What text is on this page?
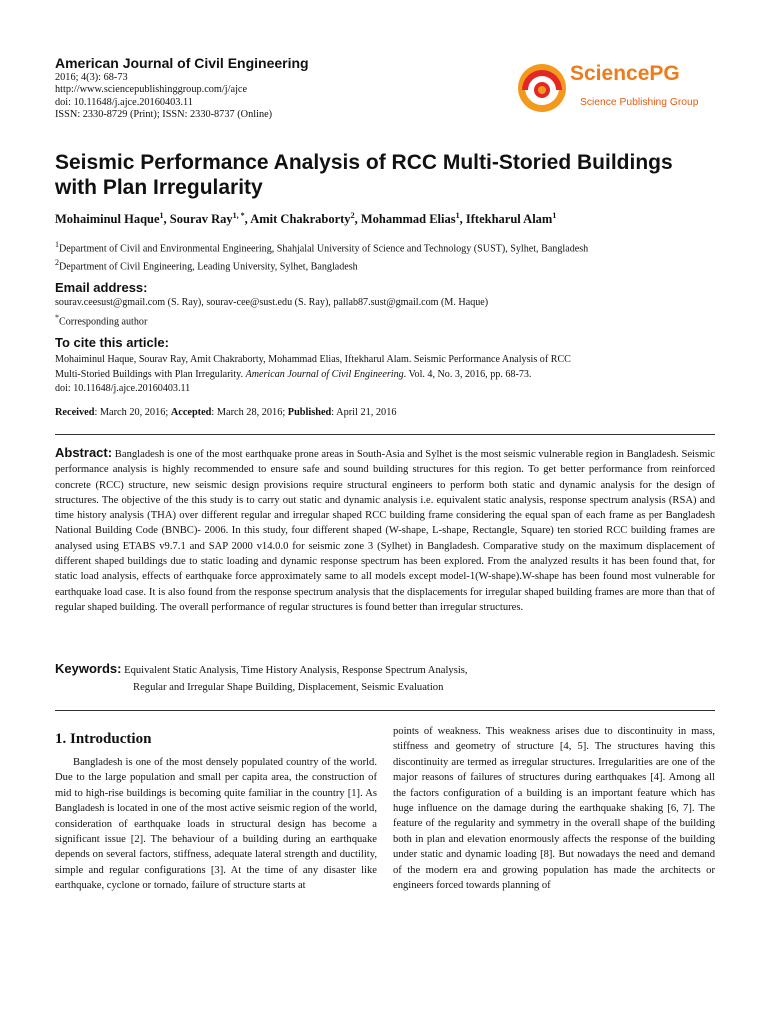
American Journal of Civil Engineering
2016; 4(3): 68-73
http://www.sciencepublishinggroup.com/j/ajce
doi: 10.11648/j.ajce.20160403.11
ISSN: 2330-8729 (Print); ISSN: 2330-8737 (Online)
SciencePG
Science Publishing Group
Seismic Performance Analysis of RCC Multi-Storied Buildings with Plan Irregularity
Mohaiminul Haque$^1$, Sourav Ray$^{1, *}$, Amit Chakraborty$^2$, Mohammad Elias$^1$, Iftekharul Alam$^1$
$^1$Department of Civil and Environmental Engineering, Shahjalal University of Science and Technology (SUST), Sylhet, Bangladesh
$^2$Department of Civil Engineering, Leading University, Sylhet, Bangladesh
Email address:
sourav.ceesust@gmail.com (S. Ray), sourav-cee@sust.edu (S. Ray), pallab87.sust@gmail.com (M. Haque)
*Corresponding author
To cite this article:
Mohaiminul Haque, Sourav Ray, Amit Chakraborty, Mohammad Elias, Iftekharul Alam. Seismic Performance Analysis of RCC
Multi-Storied Buildings with Plan Irregularity. American Journal of Civil Engineering. Vol. 4, No. 3, 2016, pp. 68-73.
doi: 10.11648/j.ajce.20160403.11
Received: March 20, 2016; Accepted: March 28, 2016; Published: April 21, 2016
Abstract: Bangladesh is one of the most earthquake prone areas in South-Asia and Sylhet is the most seismic vulnerable region in Bangladesh. Seismic performance analysis is highly recommended to ensure safe and sound building structures for this region. To get better performance from reinforced concrete (RCC) structure, new seismic design provisions require structural engineers to perform both static and dynamic analysis for the design of structures. The objective of the this study is to carry out static and dynamic analysis i.e. equivalent static analysis, response spectrum analysis (RSA) and time history analysis (THA) over different regular and irregular shaped RCC building frame considering the equal span of each frame as per Bangladesh National Building Code (BNBC)- 2006. In this study, four different shaped (W-shape, L-shape, Rectangle, Square) ten storied RCC building frames are analysed using ETABS v9.7.1 and SAP 2000 v14.0.0 for seismic zone 3 (Sylhet) in Bangladesh. Comparative study on the maximum displacement of different shaped buildings due to static loading and dynamic response spectrum has been explored. From the analyzed results it has been found that, for static load analysis, effects of earthquake force approximately same to all models except model-1(W-shape).W-shape has been found most vulnerable for earthquake load case. It is also found from the response spectrum analysis that the displacements for irregular shaped building frames are more than that of regular shaped building. The overall performance of regular structures is found better than irregular structures.
Keywords: Equivalent Static Analysis, Time History Analysis, Response Spectrum Analysis,
Regular and Irregular Shape Building, Displacement, Seismic Evaluation
1. Introduction
Bangladesh is one of the most densely populated country of the world. Due to the large population and small per capita area, the construction of mid to high-rise buildings is becoming quite familiar in the country [1]. As Bangladesh is located in one of the most active seismic region of the world, consideration of earthquake loads in structural design has become a significant issue [2]. The behaviour of a building during an earthquake depends on several factors, stiffness, adequate lateral strength and ductility, simple and regular configurations [3]. At the time of any disaster like earthquake, cyclone or tornado, failure of structure starts at
points of weakness. This weakness arises due to discontinuity in mass, stiffness and geometry of structure [4, 5]. The structures having this discontinuity are termed as irregular structures. Irregularities are one of the major reasons of failures of structures during earthquakes [4]. Among all the factors configuration of a building is an important feature which has huge influence on the damage during the earthquake shaking [6, 7]. The feature of the regularity and symmetry in the overall shape of the building both in plan and elevation enormously affects the response of the building under static and dynamic loading [8]. But nowadays the need and demand of the modern era and growing population has made the architects or engineers forced towards planning of
